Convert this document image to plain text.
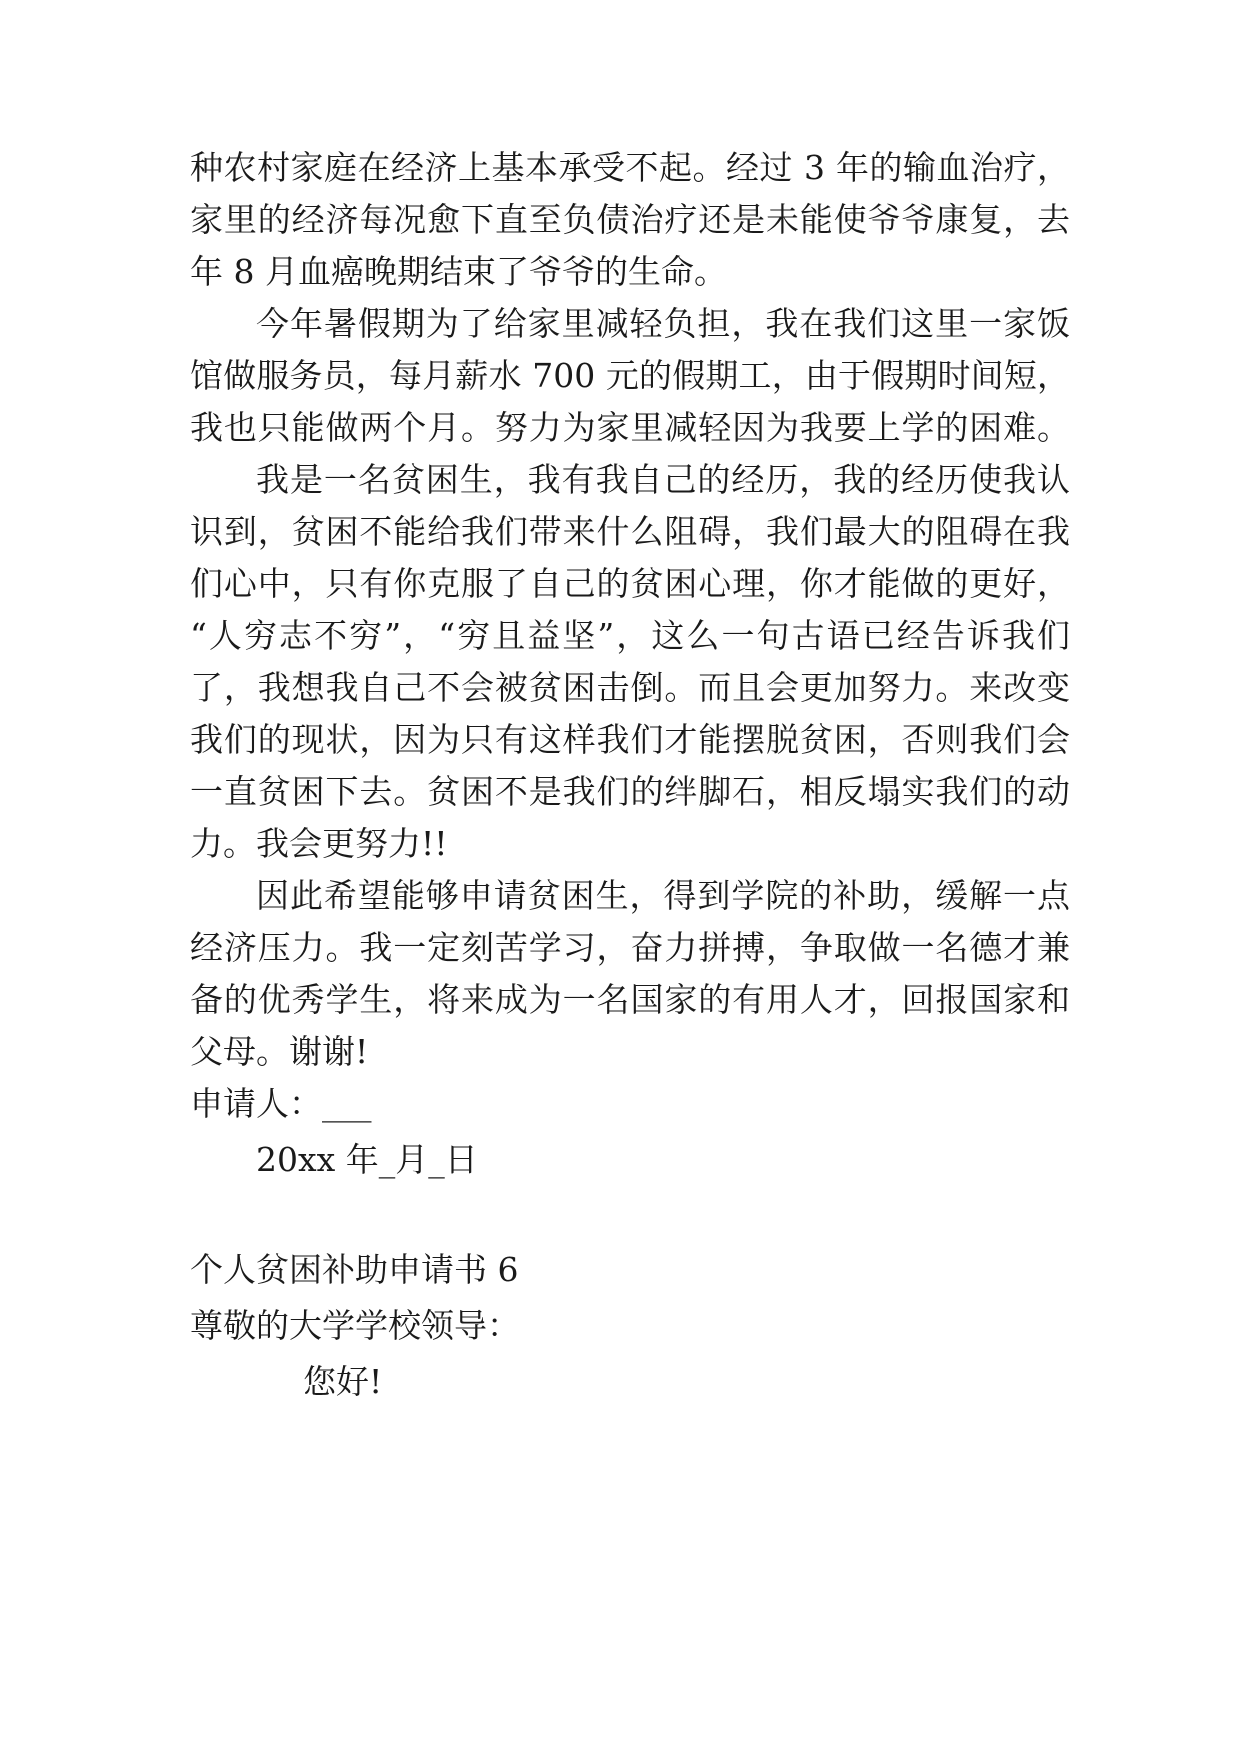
种农村家庭在经济上基本承受不起。经过 3 年的输血治疗，
家里的经济每况愈下直至负债治疗还是未能使爷爷康复，去
年 8 月血癌晚期结束了爷爷的生命。
今年暑假期为了给家里减轻负担，我在我们这里一家饭
馆做服务员，每月薪水 700 元的假期工，由于假期时间短，
我也只能做两个月。努力为家里减轻因为我要上学的困难。
我是一名贫困生，我有我自己的经历，我的经历使我认
识到，贫困不能给我们带来什么阻碍，我们最大的阻碍在我
们心中，只有你克服了自己的贫困心理，你才能做的更好，
“人穷志不穷”，“穷且益坚”，这么一句古语已经告诉我们
了，我想我自己不会被贫困击倒。而且会更加努力。来改变
我们的现状，因为只有这样我们才能摆脱贫困，否则我们会
一直贫困下去。贫困不是我们的绊脚石，相反塌实我们的动
力。我会更努力!!
因此希望能够申请贫困生，得到学院的补助，缓解一点
经济压力。我一定刻苦学习，奋力拼搏，争取做一名德才兼
备的优秀学生，将来成为一名国家的有用人才，回报国家和
父母。谢谢!
申请人：___
20xx 年_月_日
个人贫困补助申请书 6
尊敬的大学学校领导：
您好!
